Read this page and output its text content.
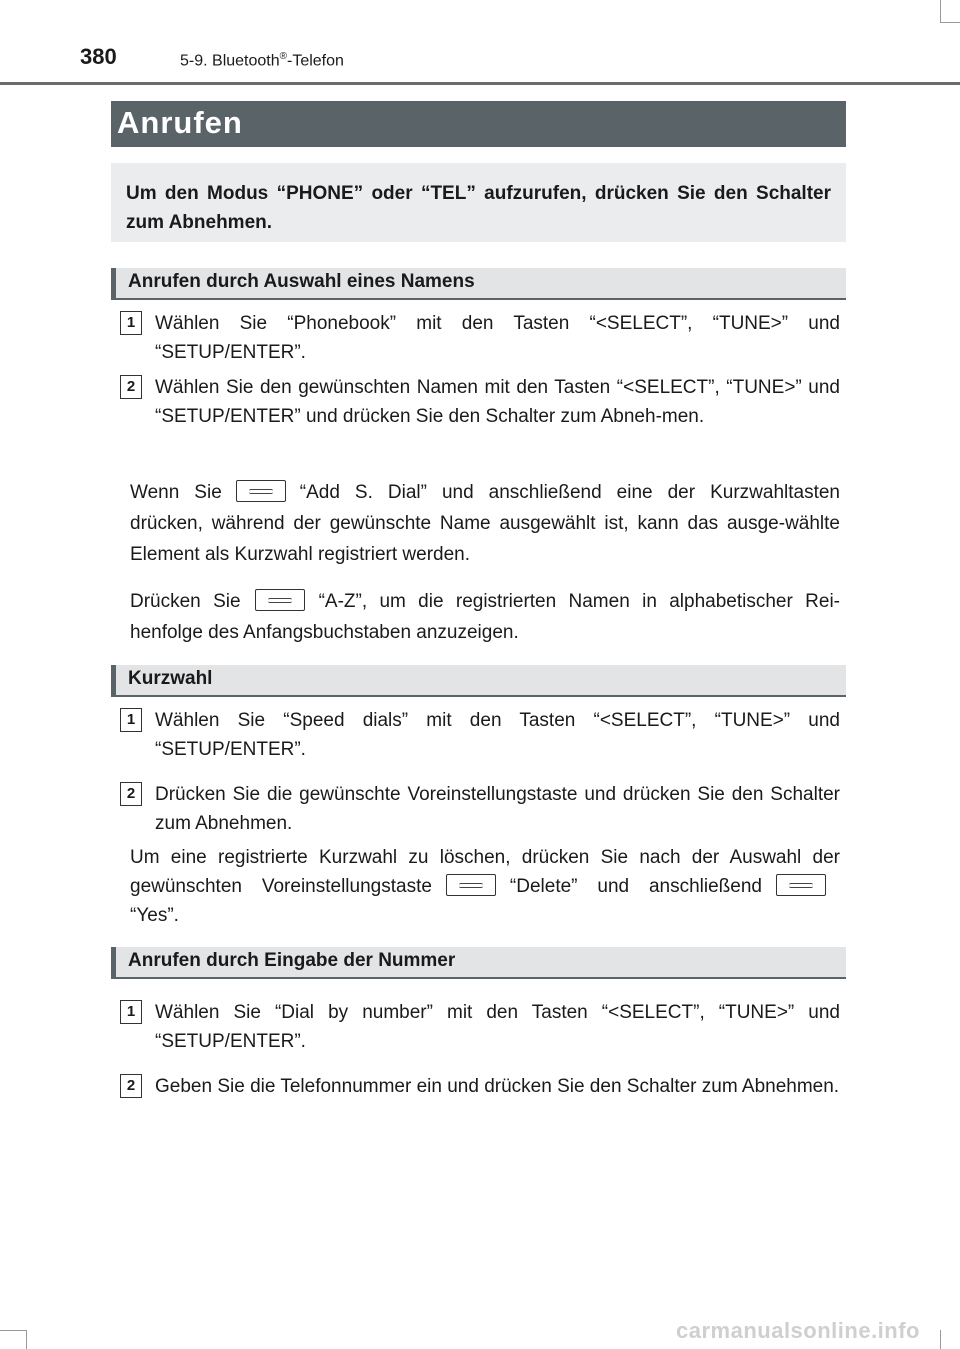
380	5-9. Bluetooth®-Telefon
Anrufen

Um den Modus “PHONE” oder “TEL” aufzurufen, drücken Sie den Schalter zum Abnehmen.

Anrufen durch Auswahl eines Namens
1	Wählen Sie “Phonebook” mit den Tasten “<SELECT”, “TUNE>” und “SETUP/ENTER”.
2	Wählen Sie den gewünschten Namen mit den Tasten “<SELECT”, “TUNE>” und “SETUP/ENTER” und drücken Sie den Schalter zum Abneh-men.
Wenn Sie	“Add S. Dial” und anschließend eine der Kurzwahltasten drücken, während der gewünschte Name ausgewählt ist, kann das ausge-wählte Element als Kurzwahl registriert werden.
Drücken Sie	“A-Z”, um die registrierten Namen in alphabetischer Rei-henfolge des Anfangsbuchstaben anzuzeigen.
Kurzwahl
1	Wählen Sie “Speed dials” mit den Tasten “<SELECT”, “TUNE>” und “SETUP/ENTER”.
2	Drücken Sie die gewünschte Voreinstellungstaste und drücken Sie den Schalter zum Abnehmen.
Um eine registrierte Kurzwahl zu löschen, drücken Sie nach der Auswahl der gewünschten Voreinstellungstaste	“Delete” und anschließend“Yes”.
Anrufen durch Eingabe der Nummer
1	Wählen Sie “Dial by number” mit den Tasten “<SELECT”, “TUNE>” und “SETUP/ENTER”.
2	Geben Sie die Telefonnummer ein und drücken Sie den Schalter zum Abnehmen.
carmanualsonline.info
